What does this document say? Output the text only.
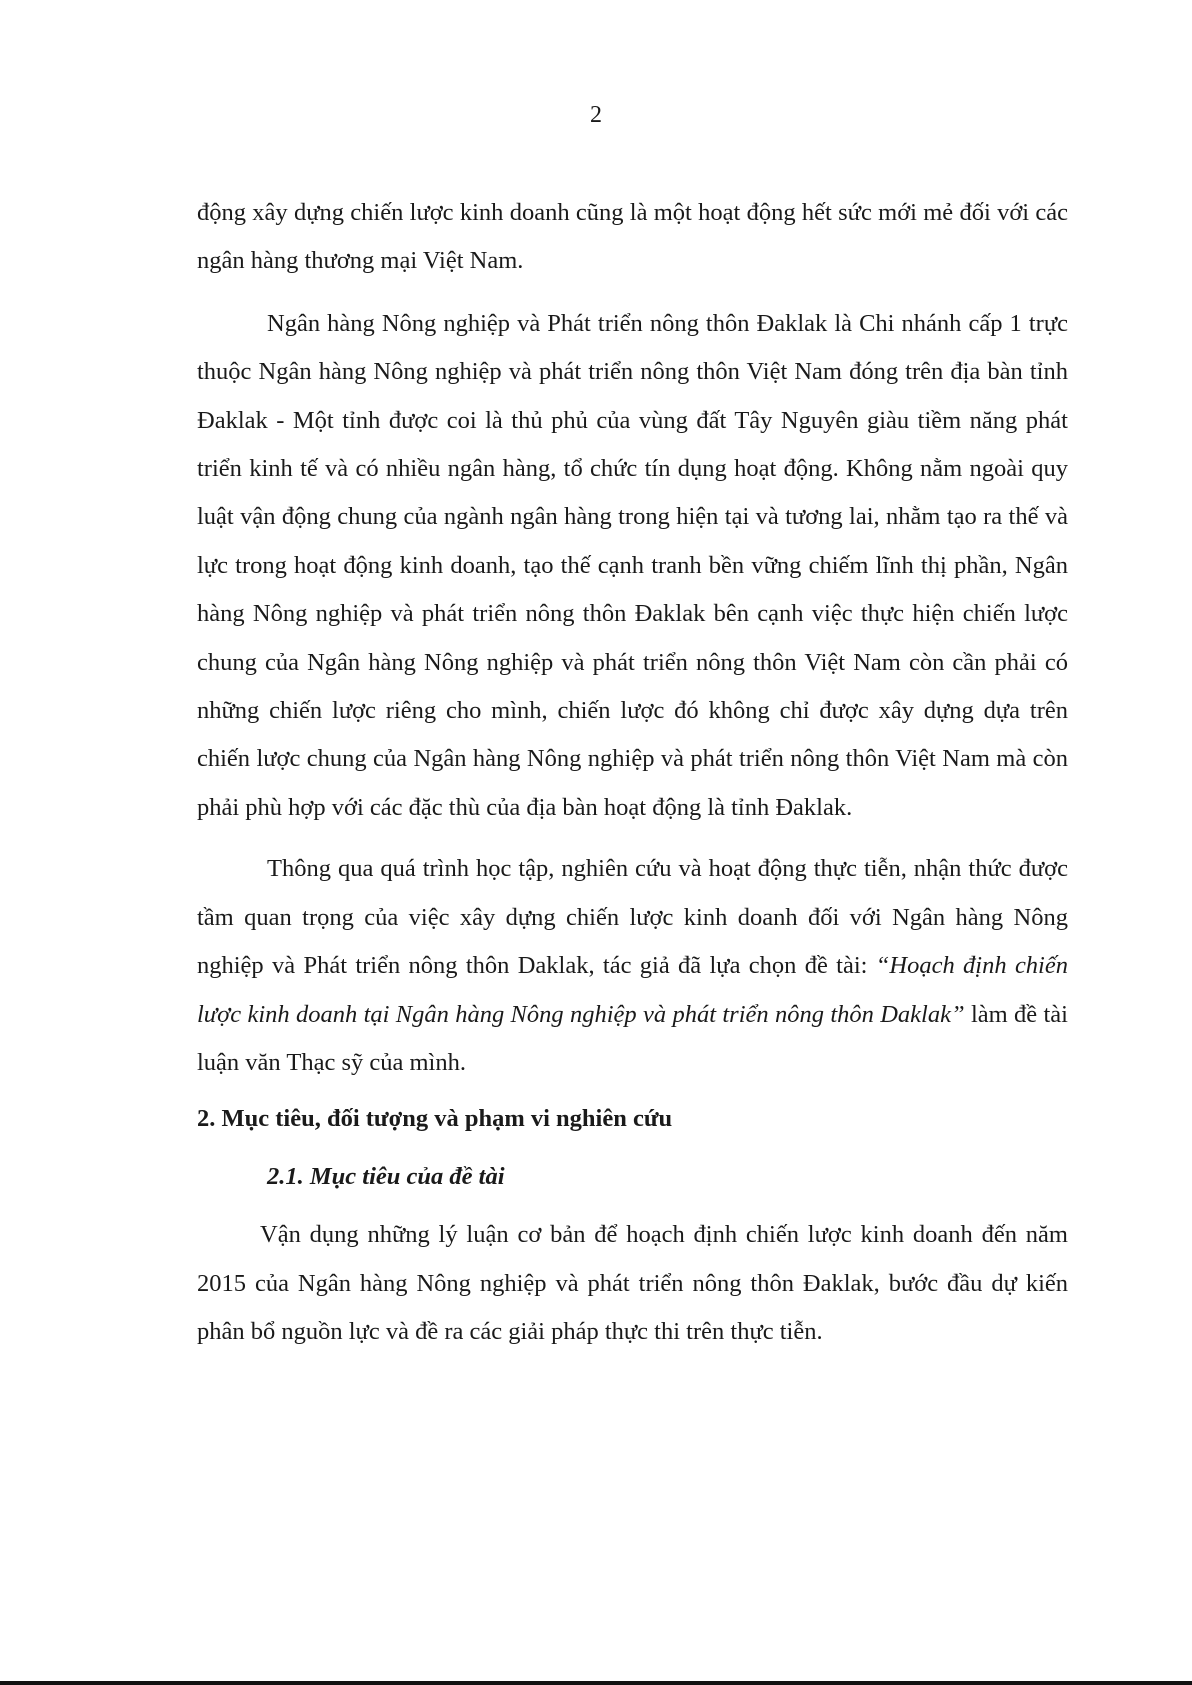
2

động xây dựng chiến lược kinh doanh cũng là một hoạt động hết sức mới mẻ đối với các ngân hàng thương mại Việt Nam.

Ngân hàng Nông nghiệp và Phát triển nông thôn Đaklak là Chi nhánh cấp 1 trực thuộc Ngân hàng Nông nghiệp và phát triển nông thôn Việt Nam đóng trên địa bàn tỉnh Đaklak - Một tỉnh được coi là thủ phủ của vùng đất Tây Nguyên giàu tiềm năng phát triển kinh tế và có nhiều ngân hàng, tổ chức tín dụng hoạt động. Không nằm ngoài quy luật vận động chung của ngành ngân hàng trong hiện tại và tương lai, nhằm tạo ra thế và lực trong hoạt động kinh doanh, tạo thế cạnh tranh bền vững chiếm lĩnh thị phần, Ngân hàng Nông nghiệp và phát triển nông thôn Đaklak bên cạnh việc thực hiện chiến lược chung của Ngân hàng Nông nghiệp và phát triển nông thôn Việt Nam còn cần phải có những chiến lược riêng cho mình, chiến lược đó không chỉ được xây dựng dựa trên chiến lược chung của Ngân hàng Nông nghiệp và phát triển nông thôn Việt Nam mà còn phải phù hợp với các đặc thù của địa bàn hoạt động là tỉnh Đaklak.

Thông qua quá trình học tập, nghiên cứu và hoạt động thực tiễn, nhận thức được tầm quan trọng của việc xây dựng chiến lược kinh doanh đối với Ngân hàng Nông nghiệp và Phát triển nông thôn Daklak, tác giả đã lựa chọn đề tài: “Hoạch định chiến lược kinh doanh tại Ngân hàng Nông nghiệp và phát triển nông thôn Daklak” làm đề tài luận văn Thạc sỹ của mình.

2. Mục tiêu, đối tượng và phạm vi nghiên cứu

2.1. Mục tiêu của đề tài

Vận dụng những lý luận cơ bản để hoạch định chiến lược kinh doanh đến năm 2015 của Ngân hàng Nông nghiệp và phát triển nông thôn Đaklak, bước đầu dự kiến phân bổ nguồn lực và đề ra các giải pháp thực thi trên thực tiễn.
